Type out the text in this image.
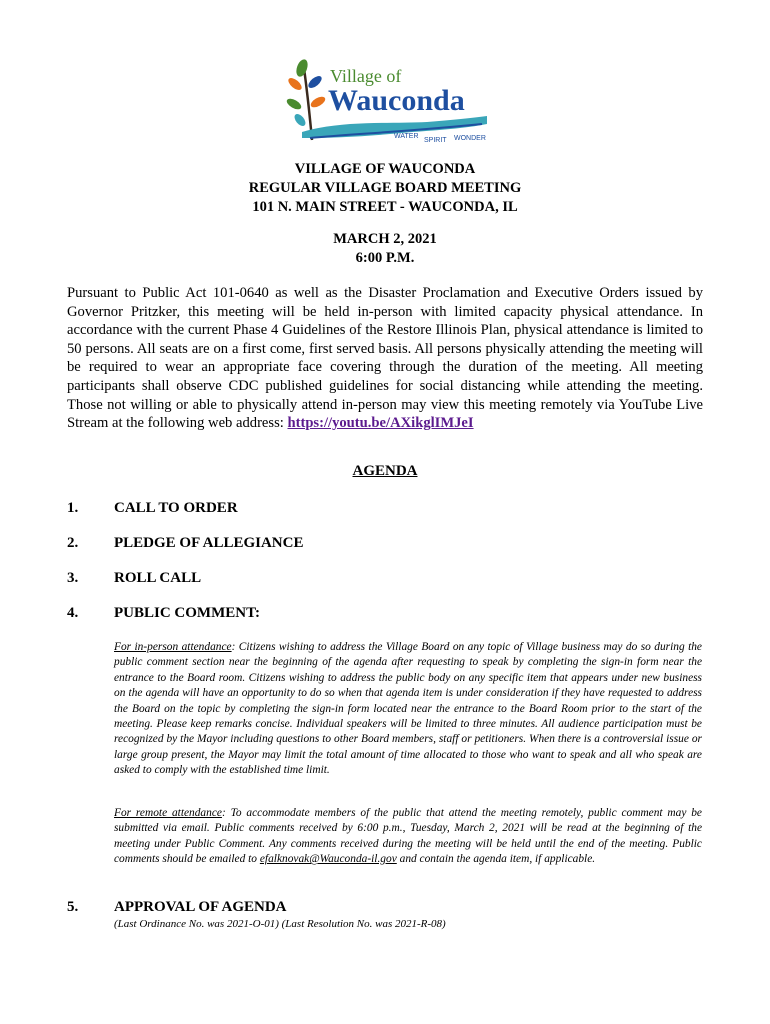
Village of
Wauconda
WATER
SPIRIT WONDER
VILLAGE OF WAUCONDA
REGULAR VILLAGE BOARD MEETING
101 N. MAIN STREET - WAUCONDA, IL
MARCH 2, 2021
6:00 P.M.
Pursuant to Public Act 101-0640 as well as the Disaster Proclamation and Executive Orders issued by Governor Pritzker, this meeting will be held in-person with limited capacity physical attendance. In accordance with the current Phase 4 Guidelines of the Restore Illinois Plan, physical attendance is limited to 50 persons. All seats are on a first come, first served basis. All persons physically attending the meeting will be required to wear an appropriate face covering through the duration of the meeting. All meeting participants shall observe CDC published guidelines for social distancing while attending the meeting. Those not willing or able to physically attend in-person may view this meeting remotely via YouTube Live Stream at the following web address: https://youtu.be/AXikglIMJeI
AGENDA
1. CALL TO ORDER
2. PLEDGE OF ALLEGIANCE
3. ROLL CALL
4. PUBLIC COMMENT:
For in-person attendance: Citizens wishing to address the Village Board on any topic of Village business may do so during the public comment section near the beginning of the agenda after requesting to speak by completing the sign-in form near the entrance to the Board room. Citizens wishing to address the public body on any specific item that appears under new business on the agenda will have an opportunity to do so when that agenda item is under consideration if they have requested to address the Board on the topic by completing the sign-in form located near the entrance to the Board Room prior to the start of the meeting. Please keep remarks concise. Individual speakers will be limited to three minutes. All audience participation must be recognized by the Mayor including questions to other Board members, staff or petitioners. When there is a controversial issue or large group present, the Mayor may limit the total amount of time allocated to those who want to speak and all who speak are asked to comply with the established time limit.
For remote attendance: To accommodate members of the public that attend the meeting remotely, public comment may be submitted via email. Public comments received by 6:00 p.m., Tuesday, March 2, 2021 will be read at the beginning of the meeting under Public Comment. Any comments received during the meeting will be held until the end of the meeting. Public comments should be emailed to efalknovak@Wauconda-il.gov and contain the agenda item, if applicable.
5. APPROVAL OF AGENDA
(Last Ordinance No. was 2021-O-01) (Last Resolution No. was 2021-R-08)
